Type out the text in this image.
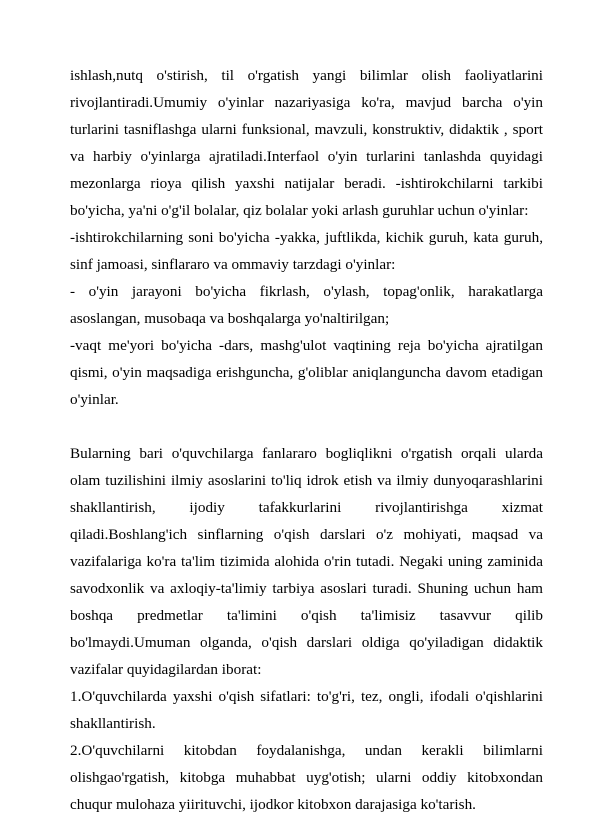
ishlash,nutq o'stirish, til o'rgatish yangi bilimlar olish faoliyatlarini rivojlantiradi.Umumiy o'yinlar nazariyasiga ko'ra, mavjud barcha o'yin turlarini tasniflashga ularni funksional, mavzuli, konstruktiv, didaktik , sport va harbiy o'yinlarga ajratiladi.Interfaol o'yin turlarini tanlashda quyidagi mezonlarga rioya qilish yaxshi natijalar beradi. -ishtirokchilarni tarkibi bo'yicha, ya'ni o'g'il bolalar, qiz bolalar yoki arlash guruhlar uchun o'yinlar:

-ishtirokchilarning soni bo'yicha -yakka, juftlikda, kichik guruh, kata guruh, sinf jamoasi, sinflararo va ommaviy tarzdagi o'yinlar:

- o'yin jarayoni bo'yicha fikrlash, o'ylash, topag'onlik, harakatlarga asoslangan, musobaqa va boshqalarga yo'naltirilgan;

-vaqt me'yori bo'yicha -dars, mashg'ulot vaqtining reja bo'yicha ajratilgan qismi, o'yin maqsadiga erishguncha, g'oliblar aniqlanguncha davom etadigan o'yinlar.

Bularning bari o'quvchilarga fanlararo bogliqlikni o'rgatish orqali ularda olam tuzilishini ilmiy asoslarini to'liq idrok etish va ilmiy dunyoqarashlarini shakllantirish, ijodiy tafakkurlarini rivojlantirishga xizmat qiladi.Boshlang'ich sinflarning o'qish darslari o'z mohiyati, maqsad va vazifalariga ko'ra ta'lim tizimida alohida o'rin tutadi. Negaki uning zaminida savodxonlik va axloqiy-ta'limiy tarbiya asoslari turadi. Shuning uchun ham boshqa predmetlar ta'limini o'qish ta'limisiz tasavvur qilib bo'lmaydi.Umuman olganda, o'qish darslari oldiga qo'yiladigan didaktik vazifalar quyidagilardan iborat:

1.O'quvchilarda yaxshi o'qish sifatlari: to'g'ri, tez, ongli, ifodali o'qishlarini shakllantirish.

2.O'quvchilarni kitobdan foydalanishga, undan kerakli bilimlarni olishgao'rgatish, kitobga muhabbat uyg'otish; ularni oddiy kitobxondan chuqur mulohaza yiirituvchi, ijodkor kitobxon darajasiga ko'tarish.
